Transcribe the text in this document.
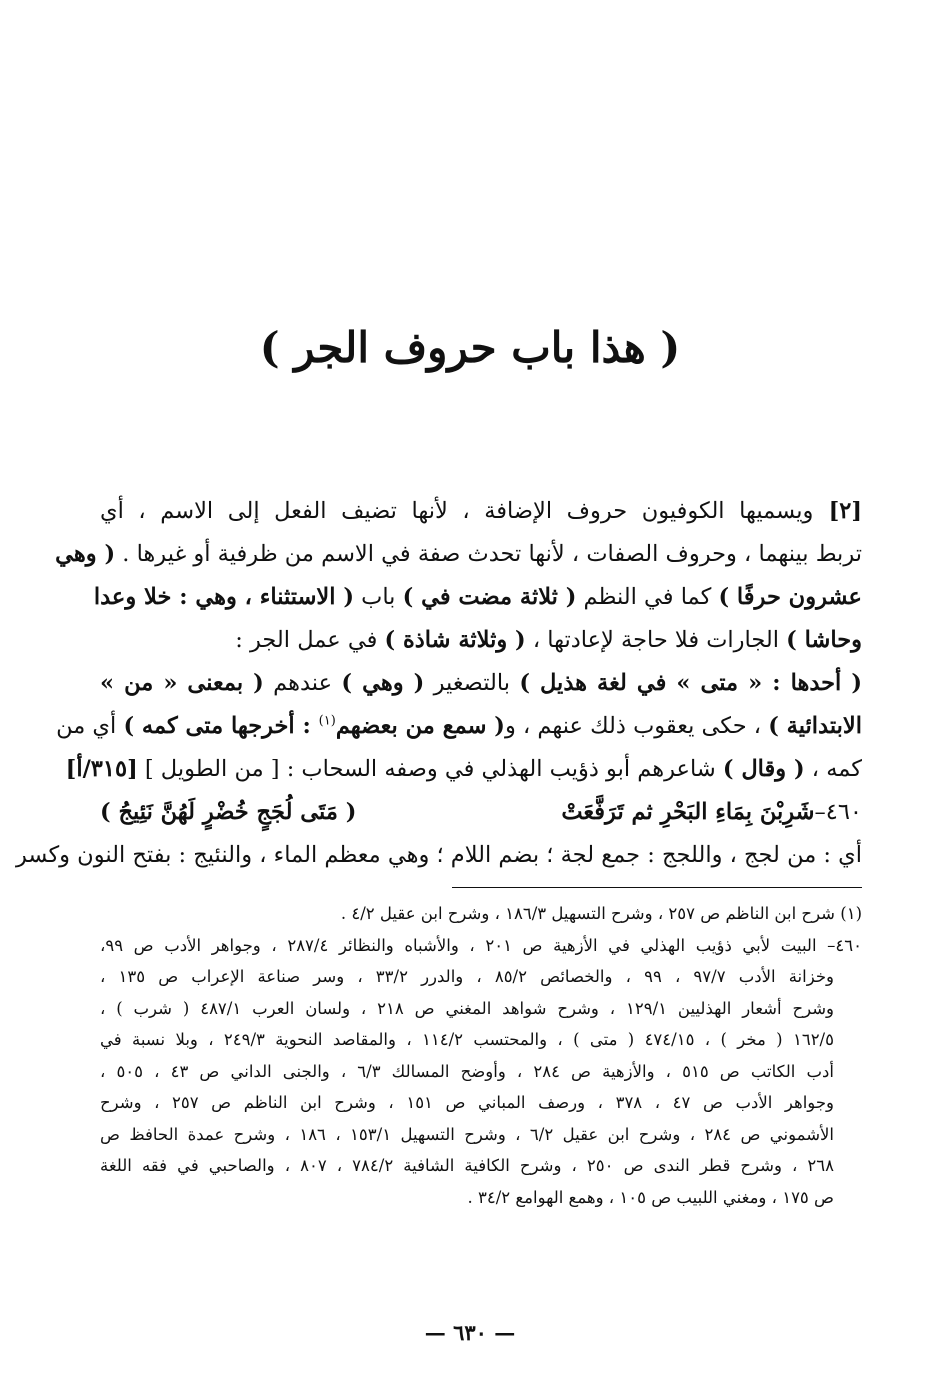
( هذا باب حروف الجر )
[٢] ويسميها الكوفيون حروف الإضافة ، لأنها تضيف الفعل إلى الاسم ، أي
تربط بينهما ، وحروف الصفات ، لأنها تحدث صفة في الاسم من ظرفية أو غيرها . ( وهي
عشرون حرفًا ) كما في النظم ( ثلاثة مضت في ) باب ( الاستثناء ، وهي : خلا وعدا
وحاشا ) الجارات فلا حاجة لإعادتها ، ( وثلاثة شاذة ) في عمل الجر :
( أحدها : « متى » في لغة هذيل ) بالتصغير ( وهي ) عندهم ( بمعنى « من »
الابتدائية ) ، حكى يعقوب ذلك عنهم ، و( سمع من بعضهم$^{(١)}$ : أخرجها متى كمه ) أي من
كمه ، ( وقال ) شاعرهم أبو ذؤيب الهذلي في وصفه السحاب : [ من الطويل ] [٣١٥/أ]
٤٦٠–
شَرِبْنَ بِمَاءِ البَحْرِ ثم تَرَفَّعَتْ
( مَتَى لُجَجٍ خُضْرٍ لَهُنَّ نَئِيجُ )
أي : من لجج ، واللجج : جمع لجة ؛ بضم اللام ؛ وهي معظم الماء ، والنئيج : بفتح النون وكسر
(١) شرح ابن الناظم ص ٢٥٧ ، وشرح التسهيل ١٨٦/٣ ، وشرح ابن عقيل ٤/٢ .
٤٦٠– البيت لأبي ذؤيب الهذلي في الأزهية ص ٢٠١ ، والأشباه والنظائر ٢٨٧/٤ ، وجواهر الأدب ص ٩٩،
وخزانة الأدب ٩٧/٧ ، ٩٩ ، والخصائص ٨٥/٢ ، والدرر ٣٣/٢ ، وسر صناعة الإعراب ص ١٣٥ ،
وشرح أشعار الهذليين ١٢٩/١ ، وشرح شواهد المغني ص ٢١٨ ، ولسان العرب ٤٨٧/١ ( شرب ) ،
١٦٢/٥ ( مخر ) ، ٤٧٤/١٥ ( متى ) ، والمحتسب ١١٤/٢ ، والمقاصد النحوية ٢٤٩/٣ ، وبلا نسبة في
أدب الكاتب ص ٥١٥ ، والأزهية ص ٢٨٤ ، وأوضح المسالك ٦/٣ ، والجنى الداني ص ٤٣ ، ٥٠٥ ،
وجواهر الأدب ص ٤٧ ، ٣٧٨ ، ورصف المباني ص ١٥١ ، وشرح ابن الناظم ص ٢٥٧ ، وشرح
الأشموني ص ٢٨٤ ، وشرح ابن عقيل ٦/٢ ، وشرح التسهيل ١٥٣/١ ، ١٨٦ ، وشرح عمدة الحافظ ص
٢٦٨ ، وشرح قطر الندى ص ٢٥٠ ، وشرح الكافية الشافية ٧٨٤/٢ ، ٨٠٧ ، والصاحبي في فقه اللغة
ص ١٧٥ ، ومغني اللبيب ص ١٠٥ ، وهمع الهوامع ٣٤/٢ .
— ٦٣٠ —
